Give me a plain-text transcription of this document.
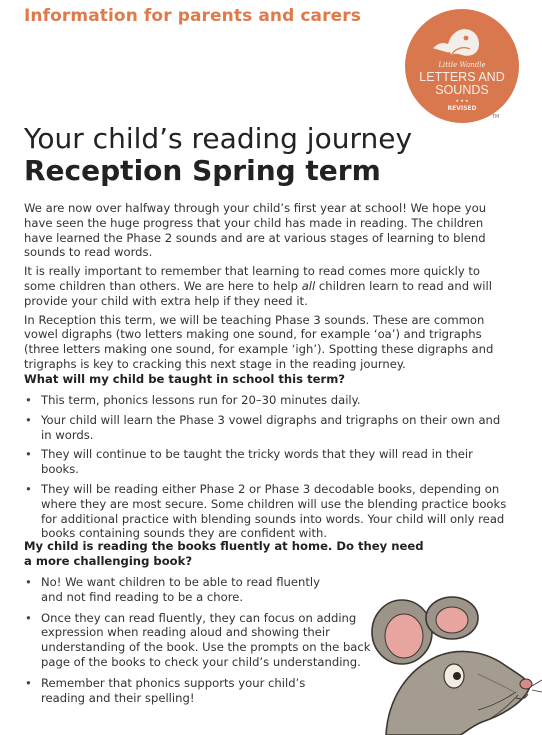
Information for parents and carers
Little Wandle
LETTERS AND
SOUNDS
★ ★ ★
REVISED
TM
Your child’s reading journey
Reception Spring term

We are now over halfway through your child’s first year at school! We hope you have seen the huge progress that your child has made in reading. The children have learned the Phase 2 sounds and are at various stages of learning to blend sounds to read words.

It is really important to remember that learning to read comes more quickly to some children than others. We are here to help all children learn to read and will provide your child with extra help if they need it.

In Reception this term, we will be teaching Phase 3 sounds. These are common vowel digraphs (two letters making one sound, for example ‘oa’) and trigraphs (three letters making one sound, for example ‘igh’). Spotting these digraphs and trigraphs is key to cracking this next stage in the reading journey.

What will my child be taught in school this term?
• This term, phonics lessons run for 20–30 minutes daily.
• Your child will learn the Phase 3 vowel digraphs and trigraphs on their own and in words.
• They will continue to be taught the tricky words that they will read in their books.
• They will be reading either Phase 2 or Phase 3 decodable books, depending on where they are most secure. Some children will use the blending practice books for additional practice with blending sounds into words. Your child will only read books containing sounds they are confident with.
My child is reading the books fluently at home. Do they need a more challenging book?
• No! We want children to be able to read fluently and not find reading to be a chore.
• Once they can read fluently, they can focus on adding expression when reading aloud and showing their understanding of the book. Use the prompts on the back page of the books to check your child’s understanding.
• Remember that phonics supports your child’s reading and their spelling!
